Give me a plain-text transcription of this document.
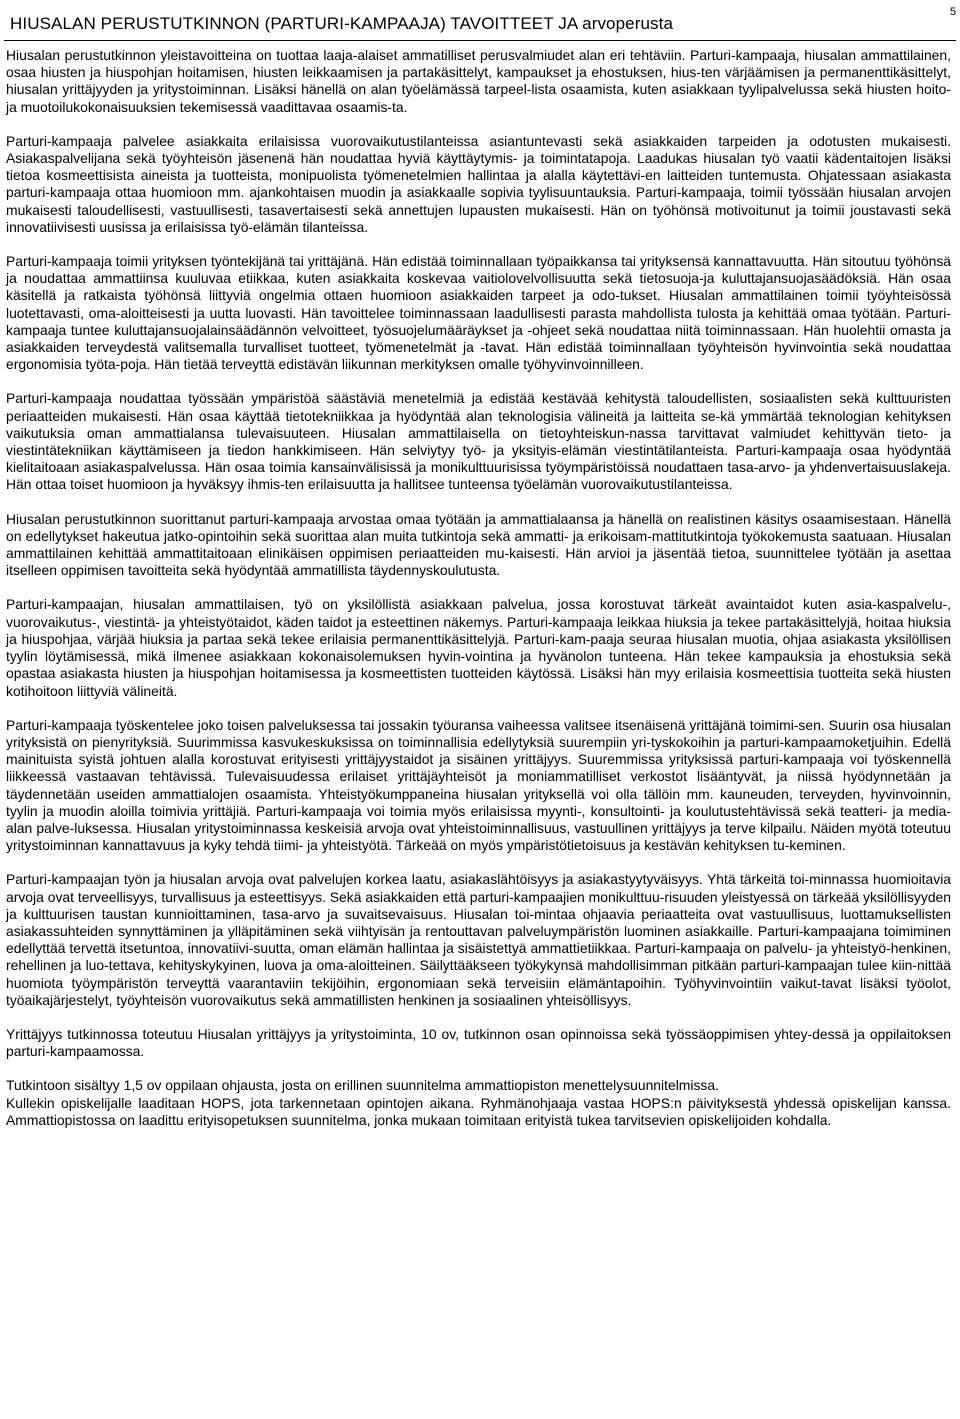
HIUSALAN PERUSTUTKINNON (PARTURI-KAMPAAJA) TAVOITTEET JA arvoperusta
5

Hiusalan perustutkinnon yleistavoitteina on tuottaa laaja-alaiset ammatilliset perusvalmiudet alan eri tehtäviin. Parturi-kampaaja, hiusalan ammattilainen, osaa hiusten ja hiuspohjan hoitamisen, hiusten leikkaamisen ja partakäsittelyt, kampaukset ja ehostuksen, hius-ten värjäämisen ja permanenttikäsittelyt, hiusalan yrittäjyyden ja yritystoiminnan. Lisäksi hänellä on alan työelämässä tarpeel-lista osaamista, kuten asiakkaan tyylipalvelussa sekä hiusten hoito- ja muotoilukokonaisuuksien tekemisessä vaadittavaa osaamis-ta.

Parturi-kampaaja palvelee asiakkaita erilaisissa vuorovaikutustilanteissa asiantuntevasti sekä asiakkaiden tarpeiden ja odotusten mukaisesti. Asiakaspalvelijana sekä työyhteisön jäsenenä hän noudattaa hyviä käyttäytymis- ja toimintatapoja. Laadukas hiusalan työ vaatii kädentaitojen lisäksi tietoa kosmeettisista aineista ja tuotteista, monipuolista työmenetelmien hallintaa ja alalla käytettävi-en laitteiden tuntemusta. Ohjatessaan asiakasta parturi-kampaaja ottaa huomioon mm. ajankohtaisen muodin ja asiakkaalle sopivia tyylisuuntauksia. Parturi-kampaaja, toimii työssään hiusalan arvojen mukaisesti taloudellisesti, vastuullisesti, tasavertaisesti sekä annettujen lupausten mukaisesti. Hän on työhönsä motivoitunut ja toimii joustavasti sekä innovatiivisesti uusissa ja erilaisissa työ-elämän tilanteissa.

Parturi-kampaaja toimii yrityksen työntekijänä tai yrittäjänä. Hän edistää toiminnallaan työpaikkansa tai yrityksensä kannattavuutta. Hän sitoutuu työhönsä ja noudattaa ammattiinsa kuuluvaa etiikkaa, kuten asiakkaita koskevaa vaitiolovelvollisuutta sekä tietosuoja-ja kuluttajansuojasäädöksiä. Hän osaa käsitellä ja ratkaista työhönsä liittyviä ongelmia ottaen huomioon asiakkaiden tarpeet ja odo-tukset. Hiusalan ammattilainen toimii työyhteisössä luotettavasti, oma-aloitteisesti ja uutta luovasti. Hän tavoittelee toiminnassaan laadullisesti parasta mahdollista tulosta ja kehittää omaa työtään. Parturi-kampaaja tuntee kuluttajansuojalainsäädännön velvoitteet, työsuojelumääräykset ja -ohjeet sekä noudattaa niitä toiminnassaan. Hän huolehtii omasta ja asiakkaiden terveydestä valitsemalla turvalliset tuotteet, työmenetelmät ja -tavat. Hän edistää toiminnallaan työyhteisön hyvinvointia sekä noudattaa ergonomisia työta-poja. Hän tietää terveyttä edistävän liikunnan merkityksen omalle työhyvinvoinnilleen.

Parturi-kampaaja noudattaa työssään ympäristöä säästäviä menetelmiä ja edistää kestävää kehitystä taloudellisten, sosiaalisten sekä kulttuuristen periaatteiden mukaisesti. Hän osaa käyttää tietotekniikkaa ja hyödyntää alan teknologisia välineitä ja laitteita se-kä ymmärtää teknologian kehityksen vaikutuksia oman ammattialansa tulevaisuuteen. Hiusalan ammattilaisella on tietoyhteiskun-nassa tarvittavat valmiudet kehittyvän tieto- ja viestintätekniikan käyttämiseen ja tiedon hankkimiseen. Hän selviytyy työ- ja yksityis-elämän viestintätilanteista. Parturi-kampaaja osaa hyödyntää kielitaitoaan asiakaspalvelussa. Hän osaa toimia kansainvälisissä ja monikulttuurisissa työympäristöissä noudattaen tasa-arvo- ja yhdenvertaisuuslakeja. Hän ottaa toiset huomioon ja hyväksyy ihmis-ten erilaisuutta ja hallitsee tunteensa työelämän vuorovaikutustilanteissa.

Hiusalan perustutkinnon suorittanut parturi-kampaaja arvostaa omaa työtään ja ammattialaansa ja hänellä on realistinen käsitys osaamisestaan. Hänellä on edellytykset hakeutua jatko-opintoihin sekä suorittaa alan muita tutkintoja sekä ammatti- ja erikoisam-mattitutkintoja työkokemusta saatuaan. Hiusalan ammattilainen kehittää ammattitaitoaan elinikäisen oppimisen periaatteiden mu-kaisesti. Hän arvioi ja jäsentää tietoa, suunnittelee työtään ja asettaa itselleen oppimisen tavoitteita sekä hyödyntää ammatillista täydennyskoulutusta.

Parturi-kampaajan, hiusalan ammattilaisen, työ on yksilöllistä asiakkaan palvelua, jossa korostuvat tärkeät avaintaidot kuten asia-kaspalvelu-, vuorovaikutus-, viestintä- ja yhteistyötaidot, käden taidot ja esteettinen näkemys. Parturi-kampaaja leikkaa hiuksia ja tekee partakäsittelyjä, hoitaa hiuksia ja hiuspohjaa, värjää hiuksia ja partaa sekä tekee erilaisia permanenttikäsittelyjä. Parturi-kam-paaja seuraa hiusalan muotia, ohjaa asiakasta yksilöllisen tyylin löytämisessä, mikä ilmenee asiakkaan kokonaisolemuksen hyvin-vointina ja hyvänolon tunteena. Hän tekee kampauksia ja ehostuksia sekä opastaa asiakasta hiusten ja hiuspohjan hoitamisessa ja kosmeettisten tuotteiden käytössä. Lisäksi hän myy erilaisia kosmeettisia tuotteita sekä hiusten kotihoitoon liittyviä välineitä.

Parturi-kampaaja työskentelee joko toisen palveluksessa tai jossakin työuransa vaiheessa valitsee itsenäisenä yrittäjänä toimimi-sen. Suurin osa hiusalan yrityksistä on pienyrityksiä. Suurimmissa kasvukeskuksissa on toiminnallisia edellytyksiä suurempiin yri-tyskokoihin ja parturi-kampaamoketjuihin. Edellä mainituista syistä johtuen alalla korostuvat erityisesti yrittäjyystaidot ja sisäinen yrittäjyys. Suuremmissa yrityksissä parturi-kampaaja voi työskennellä liikkeessä vastaavan tehtävissä. Tulevaisuudessa erilaiset yrittäjäyhteisöt ja moniammatilliset verkostot lisääntyvät, ja niissä hyödynnetään ja täydennetään useiden ammattialojen osaamista. Yhteistyökumppaneina hiusalan yrityksellä voi olla tällöin mm. kauneuden, terveyden, hyvinvoinnin, tyylin ja muodin aloilla toimivia yrittäjiä. Parturi-kampaaja voi toimia myös erilaisissa myynti-, konsultointi- ja koulutustehtävissä sekä teatteri- ja media-alan palve-luksessa. Hiusalan yritystoiminnassa keskeisiä arvoja ovat yhteistoiminnallisuus, vastuullinen yrittäjyys ja terve kilpailu. Näiden myötä toteutuu yritystoiminnan kannattavuus ja kyky tehdä tiimi- ja yhteistyötä. Tärkeää on myös ympäristötietoisuus ja kestävän kehityksen tu-keminen.

Parturi-kampaajan työn ja hiusalan arvoja ovat palvelujen korkea laatu, asiakaslähtöisyys ja asiakastyytyväisyys. Yhtä tärkeitä toi-minnassa huomioitavia arvoja ovat terveellisyys, turvallisuus ja esteettisyys. Sekä asiakkaiden että parturi-kampaajien monikulttuu-risuuden yleistyessä on tärkeää yksilöllisyyden ja kulttuurisen taustan kunnioittaminen, tasa-arvo ja suvaitsevaisuus. Hiusalan toi-mintaa ohjaavia periaatteita ovat vastuullisuus, luottamuksellisten asiakassuhteiden synnyttäminen ja ylläpitäminen sekä viihtyisän ja rentouttavan palveluympäristön luominen asiakkaille. Parturi-kampaajana toimiminen edellyttää tervettä itsetuntoa, innovatiivi-suutta, oman elämän hallintaa ja sisäistettyä ammattietiikkaa. Parturi-kampaaja on palvelu- ja yhteistyö-henkinen, rehellinen ja luo-tettava, kehityskykyinen, luova ja oma-aloitteinen. Säilyttääkseen työkykynsä mahdollisimman pitkään parturi-kampaajan tulee kiin-nittää huomiota työympäristön terveyttä vaarantaviin tekijöihin, ergonomiaan sekä terveisiin elämäntapoihin. Työhyvinvointiin vaikut-tavat lisäksi työolot, työaikajärjestelyt, työyhteisön vuorovaikutus sekä ammatillisten henkinen ja sosiaalinen yhteisöllisyys.

Yrittäjyys tutkinnossa toteutuu Hiusalan yrittäjyys ja yritystoiminta, 10 ov, tutkinnon osan opinnoissa sekä työssäoppimisen yhtey-dessä ja oppilaitoksen parturi-kampaamossa.

Tutkintoon sisältyy 1,5 ov oppilaan ohjausta, josta on erillinen suunnitelma ammattiopiston menettelysuunnitelmissa.

Kullekin opiskelijalle laaditaan HOPS, jota tarkennetaan opintojen aikana. Ryhmänohjaaja vastaa HOPS:n päivityksestä yhdessä opiskelijan kanssa. Ammattiopistossa on laadittu erityisopetuksen suunnitelma, jonka mukaan toimitaan erityistä tukea tarvitsevien opiskelijoiden kohdalla.
